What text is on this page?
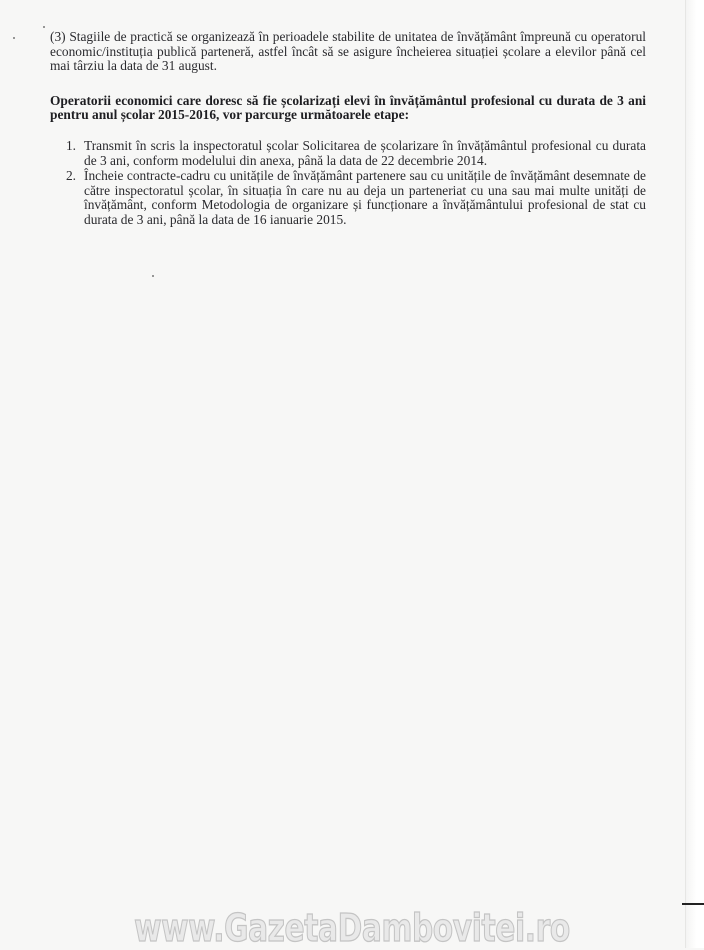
(3) Stagiile de practică se organizează în perioadele stabilite de unitatea de învățământ împreună cu operatorul economic/instituția publică parteneră, astfel încât să se asigure încheierea situației școlare a elevilor până cel mai târziu la data de 31 august.

Operatorii economici care doresc să fie școlarizați elevi în învățământul profesional cu durata de 3 ani pentru anul școlar 2015-2016, vor parcurge următoarele etape:

1. Transmit în scris la inspectoratul școlar Solicitarea de școlarizare în învățământul profesional cu durata de 3 ani, conform modelului din anexa, până la data de 22 decembrie 2014.
2. Încheie contracte-cadru cu unitățile de învățământ partenere sau cu unitățile de învățământ desemnate de către inspectoratul școlar, în situația în care nu au deja un parteneriat cu una sau mai multe unități de învățământ, conform Metodologia de organizare și funcționare a învățământului profesional de stat cu durata de 3 ani, până la data de 16 ianuarie 2015.
www.GazetaDambovitei.ro
